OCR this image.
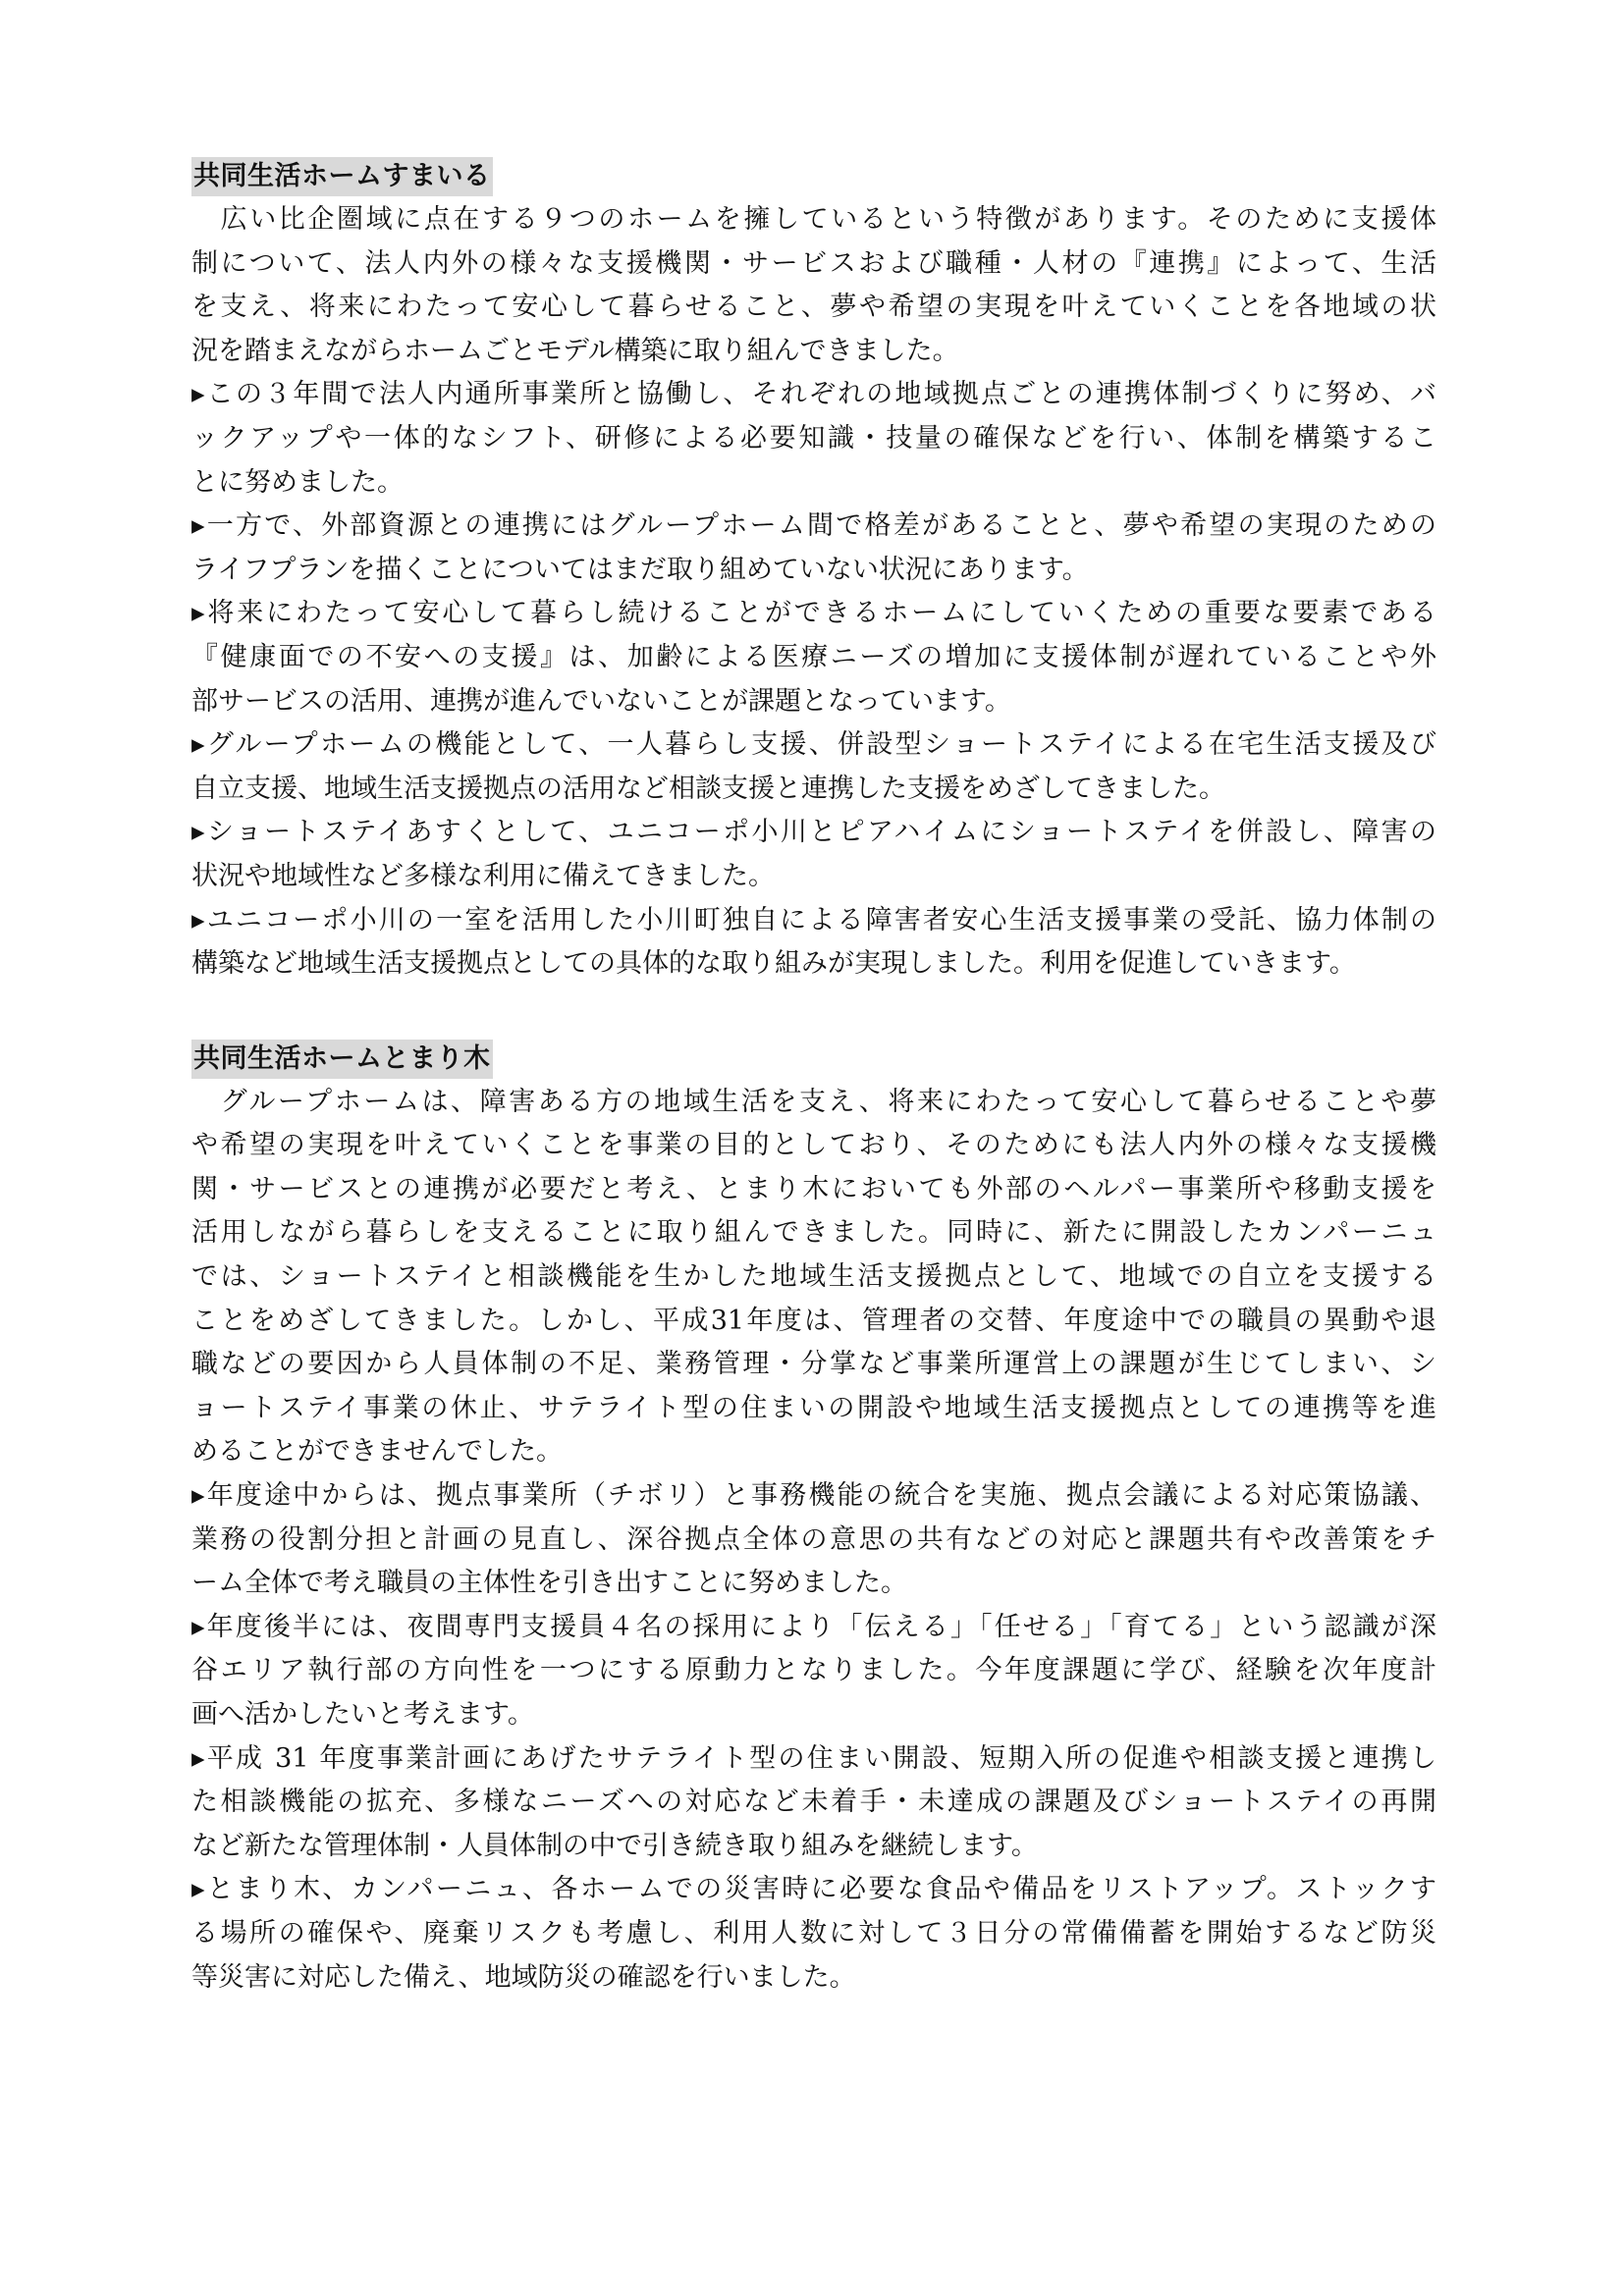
共同生活ホームすまいる
　広い比企圏域に点在する９つのホームを擁しているという特徴があります。そのために支援体
制について、法人内外の様々な支援機関・サービスおよび職種・人材の『連携』によって、生活
を支え、将来にわたって安心して暮らせること、夢や希望の実現を叶えていくことを各地域の状
況を踏まえながらホームごとモデル構築に取り組んできました。
▸この３年間で法人内通所事業所と協働し、それぞれの地域拠点ごとの連携体制づくりに努め、バ
ックアップや一体的なシフト、研修による必要知識・技量の確保などを行い、体制を構築するこ
とに努めました。
▸一方で、外部資源との連携にはグループホーム間で格差があることと、夢や希望の実現のための
ライフプランを描くことについてはまだ取り組めていない状況にあります。
▸将来にわたって安心して暮らし続けることができるホームにしていくための重要な要素である
『健康面での不安への支援』は、加齢による医療ニーズの増加に支援体制が遅れていることや外
部サービスの活用、連携が進んでいないことが課題となっています。
▸グループホームの機能として、一人暮らし支援、併設型ショートステイによる在宅生活支援及び
自立支援、地域生活支援拠点の活用など相談支援と連携した支援をめざしてきました。
▸ショートステイあすくとして、ユニコーポ小川とピアハイムにショートステイを併設し、障害の
状況や地域性など多様な利用に備えてきました。
▸ユニコーポ小川の一室を活用した小川町独自による障害者安心生活支援事業の受託、協力体制の
構築など地域生活支援拠点としての具体的な取り組みが実現しました。利用を促進していきます。
共同生活ホームとまり木
　グループホームは、障害ある方の地域生活を支え、将来にわたって安心して暮らせることや夢
や希望の実現を叶えていくことを事業の目的としており、そのためにも法人内外の様々な支援機
関・サービスとの連携が必要だと考え、とまり木においても外部のヘルパー事業所や移動支援を
活用しながら暮らしを支えることに取り組んできました。同時に、新たに開設したカンパーニュ
では、ショートステイと相談機能を生かした地域生活支援拠点として、地域での自立を支援する
ことをめざしてきました。しかし、平成31年度は、管理者の交替、年度途中での職員の異動や退
職などの要因から人員体制の不足、業務管理・分掌など事業所運営上の課題が生じてしまい、シ
ョートステイ事業の休止、サテライト型の住まいの開設や地域生活支援拠点としての連携等を進
めることができませんでした。
▸年度途中からは、拠点事業所（チボリ）と事務機能の統合を実施、拠点会議による対応策協議、
業務の役割分担と計画の見直し、深谷拠点全体の意思の共有などの対応と課題共有や改善策をチ
ーム全体で考え職員の主体性を引き出すことに努めました。
▸年度後半には、夜間専門支援員４名の採用により「伝える」「任せる」「育てる」という認識が深
谷エリア執行部の方向性を一つにする原動力となりました。今年度課題に学び、経験を次年度計
画へ活かしたいと考えます。
▸平成 31 年度事業計画にあげたサテライト型の住まい開設、短期入所の促進や相談支援と連携し
た相談機能の拡充、多様なニーズへの対応など未着手・未達成の課題及びショートステイの再開
など新たな管理体制・人員体制の中で引き続き取り組みを継続します。
▸とまり木、カンパーニュ、各ホームでの災害時に必要な食品や備品をリストアップ。ストックす
る場所の確保や、廃棄リスクも考慮し、利用人数に対して３日分の常備備蓄を開始するなど防災
等災害に対応した備え、地域防災の確認を行いました。
